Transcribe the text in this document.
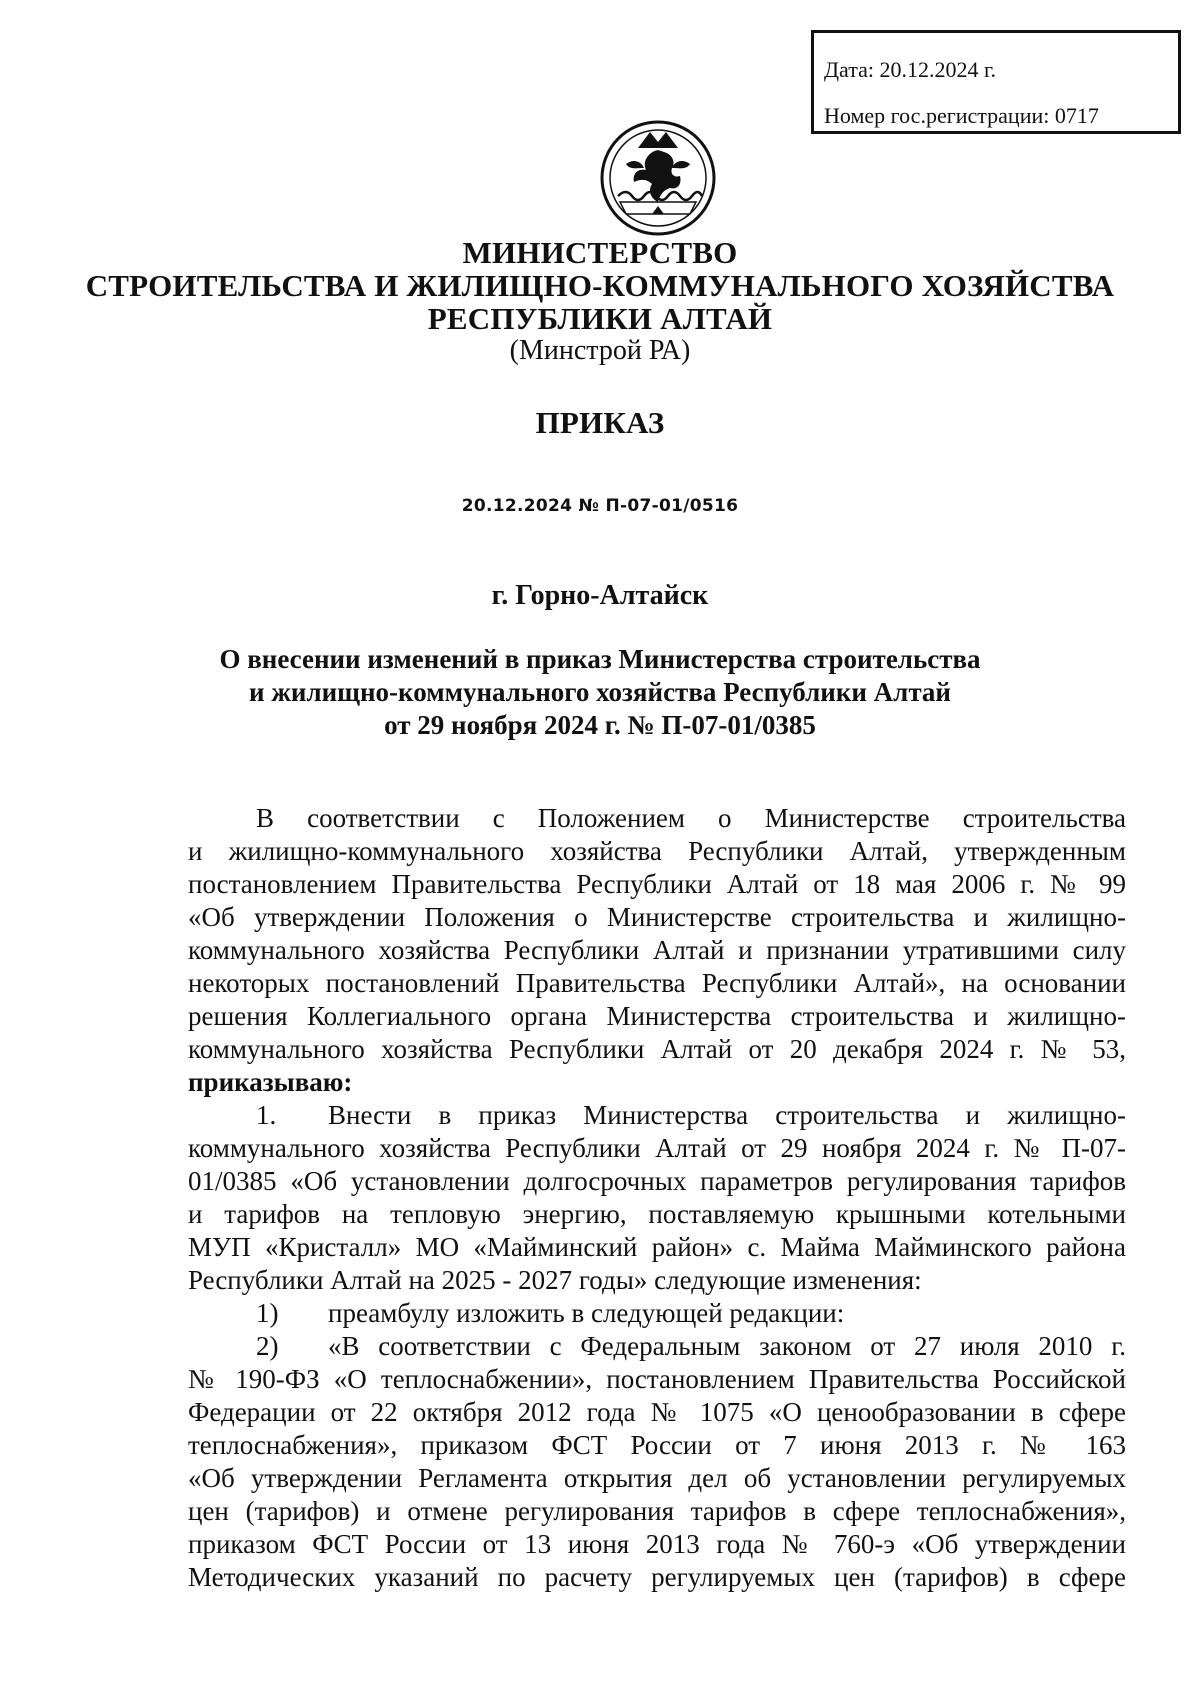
Дата: 20.12.2024 г.
Номер гос.регистрации: 0717
МИНИСТЕРСТВО
СТРОИТЕЛЬСТВА И ЖИЛИЩНО-КОММУНАЛЬНОГО ХОЗЯЙСТВА
РЕСПУБЛИКИ АЛТАЙ
(Минстрой РА)
ПРИКАЗ
20.12.2024 № П-07-01/0516
г. Горно-Алтайск
О внесении изменений в приказ Министерства строительства
и жилищно-коммунального хозяйства Республики Алтай
от 29 ноября 2024 г. № П-07-01/0385
В соответствии с Положением о Министерстве строительства
и жилищно-коммунального хозяйства Республики Алтай, утвержденным
постановлением Правительства Республики Алтай от 18 мая 2006 г. № 99
«Об утверждении Положения о Министерстве строительства и жилищно-
коммунального хозяйства Республики Алтай и признании утратившими силу
некоторых постановлений Правительства Республики Алтай», на основании
решения Коллегиального органа Министерства строительства и жилищно-
коммунального хозяйства Республики Алтай от 20 декабря 2024 г. № 53,
приказываю:
1. Внести в приказ Министерства строительства и жилищно-
коммунального хозяйства Республики Алтай от 29 ноября 2024 г. № П-07-
01/0385 «Об установлении долгосрочных параметров регулирования тарифов
и тарифов на тепловую энергию, поставляемую крышными котельными
МУП «Кристалл» МО «Майминский район» с. Майма Майминского района
Республики Алтай на 2025 - 2027 годы» следующие изменения:
1) преамбулу изложить в следующей редакции:
2) «В соответствии с Федеральным законом от 27 июля 2010 г.
№ 190-ФЗ «О теплоснабжении», постановлением Правительства Российской
Федерации от 22 октября 2012 года № 1075 «О ценообразовании в сфере
теплоснабжения», приказом ФСТ России от 7 июня 2013 г. № 163
«Об утверждении Регламента открытия дел об установлении регулируемых
цен (тарифов) и отмене регулирования тарифов в сфере теплоснабжения»,
приказом ФСТ России от 13 июня 2013 года № 760-э «Об утверждении
Методических указаний по расчету регулируемых цен (тарифов) в сфере
